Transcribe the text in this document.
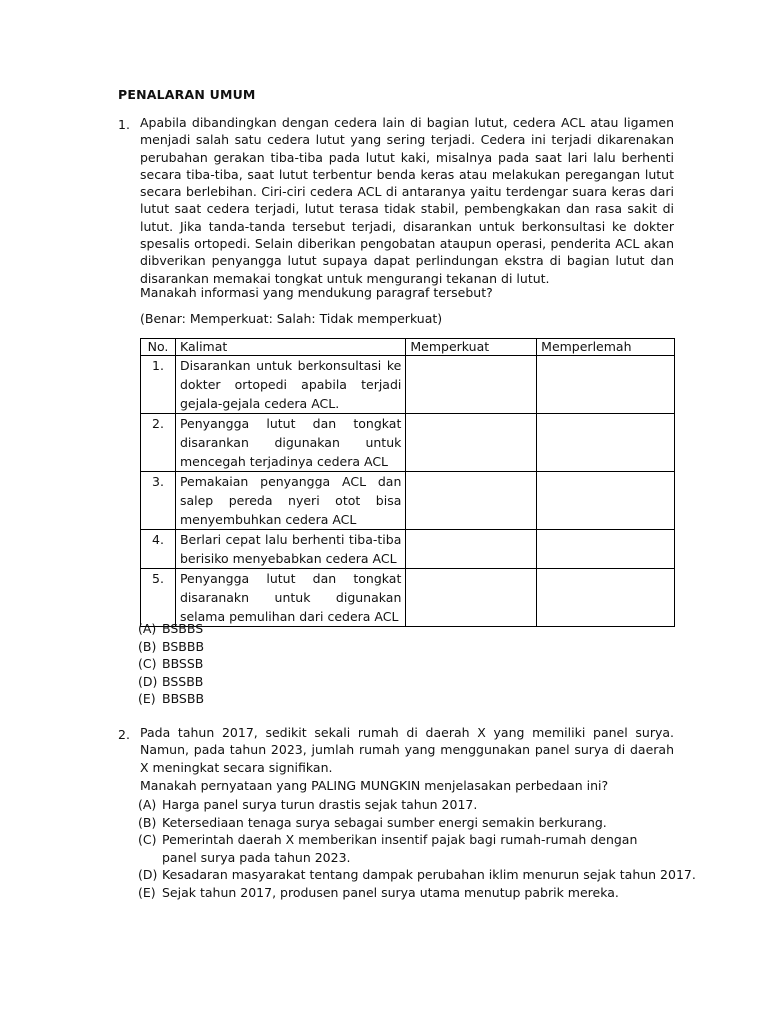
PENALARAN UMUM
1. Apabila dibandingkan dengan cedera lain di bagian lutut, cedera ACL atau ligamen menjadi salah satu cedera lutut yang sering terjadi. Cedera ini terjadi dikarenakan perubahan gerakan tiba-tiba pada lutut kaki, misalnya pada saat lari lalu berhenti secara tiba-tiba, saat lutut terbentur benda keras atau melakukan peregangan lutut secara berlebihan. Ciri-ciri cedera ACL di antaranya yaitu terdengar suara keras dari lutut saat cedera terjadi, lutut terasa tidak stabil, pembengkakan dan rasa sakit di lutut. Jika tanda-tanda tersebut terjadi, disarankan untuk berkonsultasi ke dokter spesalis ortopedi. Selain diberikan pengobatan ataupun operasi, penderita ACL akan dibverikan penyangga lutut supaya dapat perlindungan ekstra di bagian lutut dan disarankan memakai tongkat untuk mengurangi tekanan di lutut.

Manakah informasi yang mendukung paragraf tersebut?
(Benar: Memperkuat: Salah: Tidak memperkuat)
No.	Kalimat	Memperkuat	Memperlemah
1.	Disarankan untuk berkonsultasi ke dokter ortopedi apabila terjadi gejala-gejala cedera ACL.		
2.	Penyangga lutut dan tongkat disarankan digunakan untuk mencegah terjadinya cedera ACL		
3.	Pemakaian penyangga ACL dan salep pereda nyeri otot bisa menyembuhkan cedera ACL		
4.	Berlari cepat lalu berhenti tiba-tiba berisiko menyebabkan cedera ACL		
5.	Penyangga lutut dan tongkat disaranakn untuk digunakan selama pemulihan dari cedera ACL		
(A) BSBBS
(B) BSBBB
(C) BBSSB
(D) BSSBB
(E) BBSBB
2. Pada tahun 2017, sedikit sekali rumah di daerah X yang memiliki panel surya. Namun, pada tahun 2023, jumlah rumah yang menggunakan panel surya di daerah X meningkat secara signifikan.

Manakah pernyataan yang PALING MUNGKIN menjelasakan perbedaan ini?
(A) Harga panel surya turun drastis sejak tahun 2017.
(B) Ketersediaan tenaga surya sebagai sumber energi semakin berkurang.
(C) Pemerintah daerah X memberikan insentif pajak bagi rumah-rumah dengan panel surya pada tahun 2023.
(D) Kesadaran masyarakat tentang dampak perubahan iklim menurun sejak tahun 2017.
(E) Sejak tahun 2017, produsen panel surya utama menutup pabrik mereka.
